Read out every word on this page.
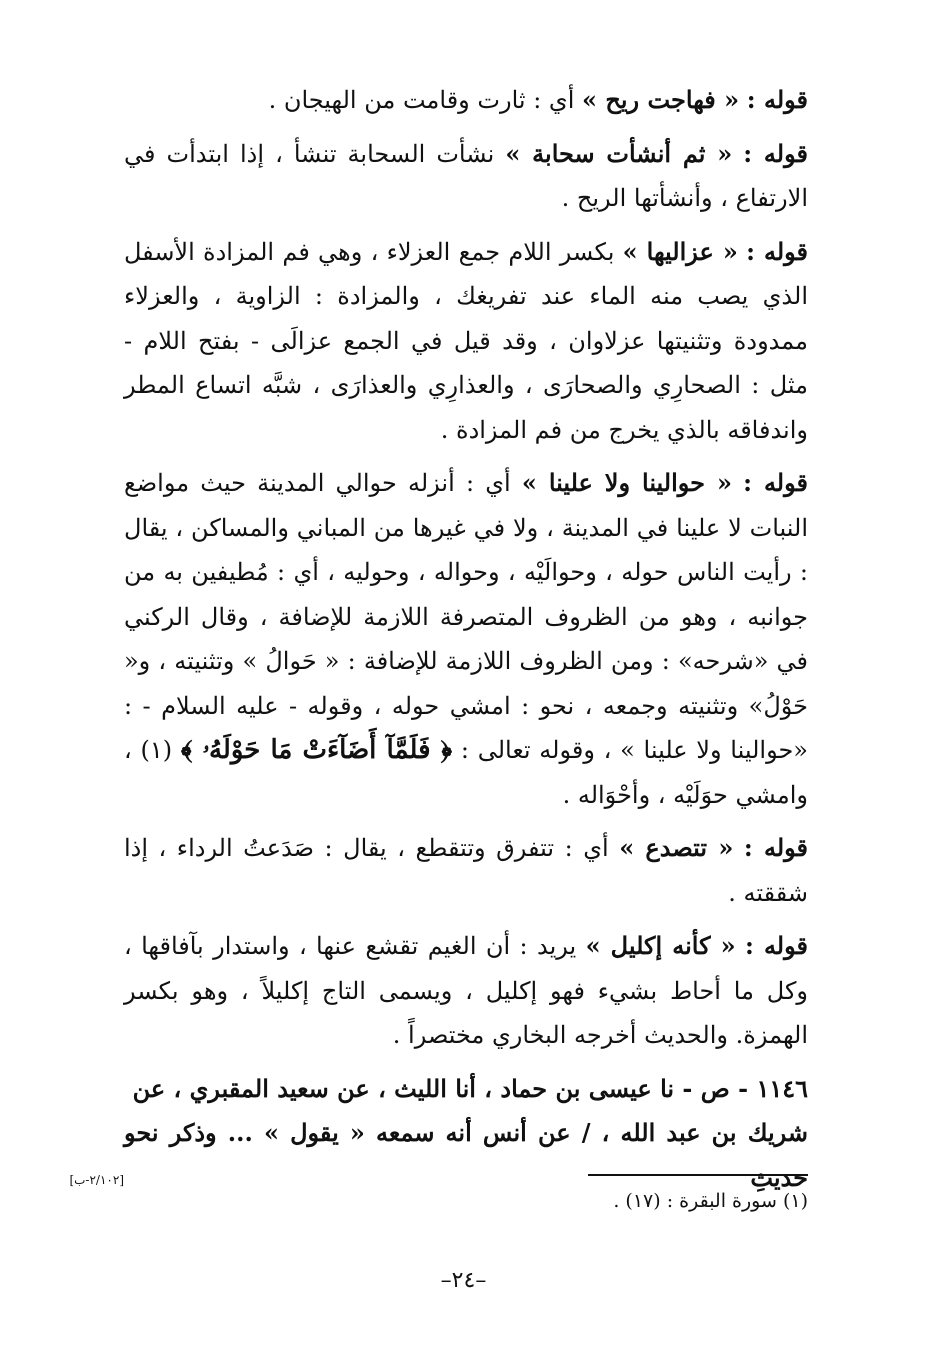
قوله : « فهاجت ريح » أي : ثارت وقامت من الهيجان .

قوله : « ثم أنشأت سحابة » نشأت السحابة تنشأ ، إذا ابتدأت في الارتفاع ، وأنشأتها الريح .

قوله : « عزاليها » بكسر اللام جمع العزلاء ، وهي فم المزادة الأسفل الذي يصب منه الماء عند تفريغك ، والمزادة : الزاوية ، والعزلاء ممدودة وتثنيتها عزلاوان ، وقد قيل في الجمع عزالَى - بفتح اللام - مثل : الصحارِي والصحارَى ، والعذارِي والعذارَى ، شبَّه اتساع المطر واندفاقه بالذي يخرج من فم المزادة .

قوله : « حوالينا ولا علينا » أي : أنزله حوالي المدينة حيث مواضع النبات لا علينا في المدينة ، ولا في غيرها من المباني والمساكن ، يقال : رأيت الناس حوله ، وحوالَيْه ، وحواله ، وحوليه ، أي : مُطيفين به من جوانبه ، وهو من الظروف المتصرفة اللازمة للإضافة ، وقال الركني في «شرحه» : ومن الظروف اللازمة للإضافة : « حَوالُ » وتثنيته ، و« حَوْلُ» وتثنيته وجمعه ، نحو : امشي حوله ، وقوله - عليه السلام - : «حوالينا ولا علينا » ، وقوله تعالى : ﴿ فَلَمَّآ أَضَآءَتْ مَا حَوْلَهُۥ ﴾ (١) ، وامشي حوَلَيْه ، وأحْوَاله .

قوله : « تتصدع » أي : تتفرق وتتقطع ، يقال : صَدَعتُ الرداء ، إذا شققته .

قوله : « كأنه إكليل » يريد : أن الغيم تقشع عنها ، واستدار بآفاقها ، وكل ما أحاط بشيء فهو إكليل ، ويسمى التاج إكليلاً ، وهو بكسر الهمزة. والحديث أخرجه البخاري مختصراً .

١١٤٦ - ص - نا عيسى بن حماد ، أنا الليث ، عن سعيد المقبري ، عن
شريك بن عبد الله ، / عن أنس أنه سمعه « يقول » ... وذكر نحو حديثِ
[٢/١٠٢-ب]

(١) سورة البقرة : (١٧) .
–٢٤–
